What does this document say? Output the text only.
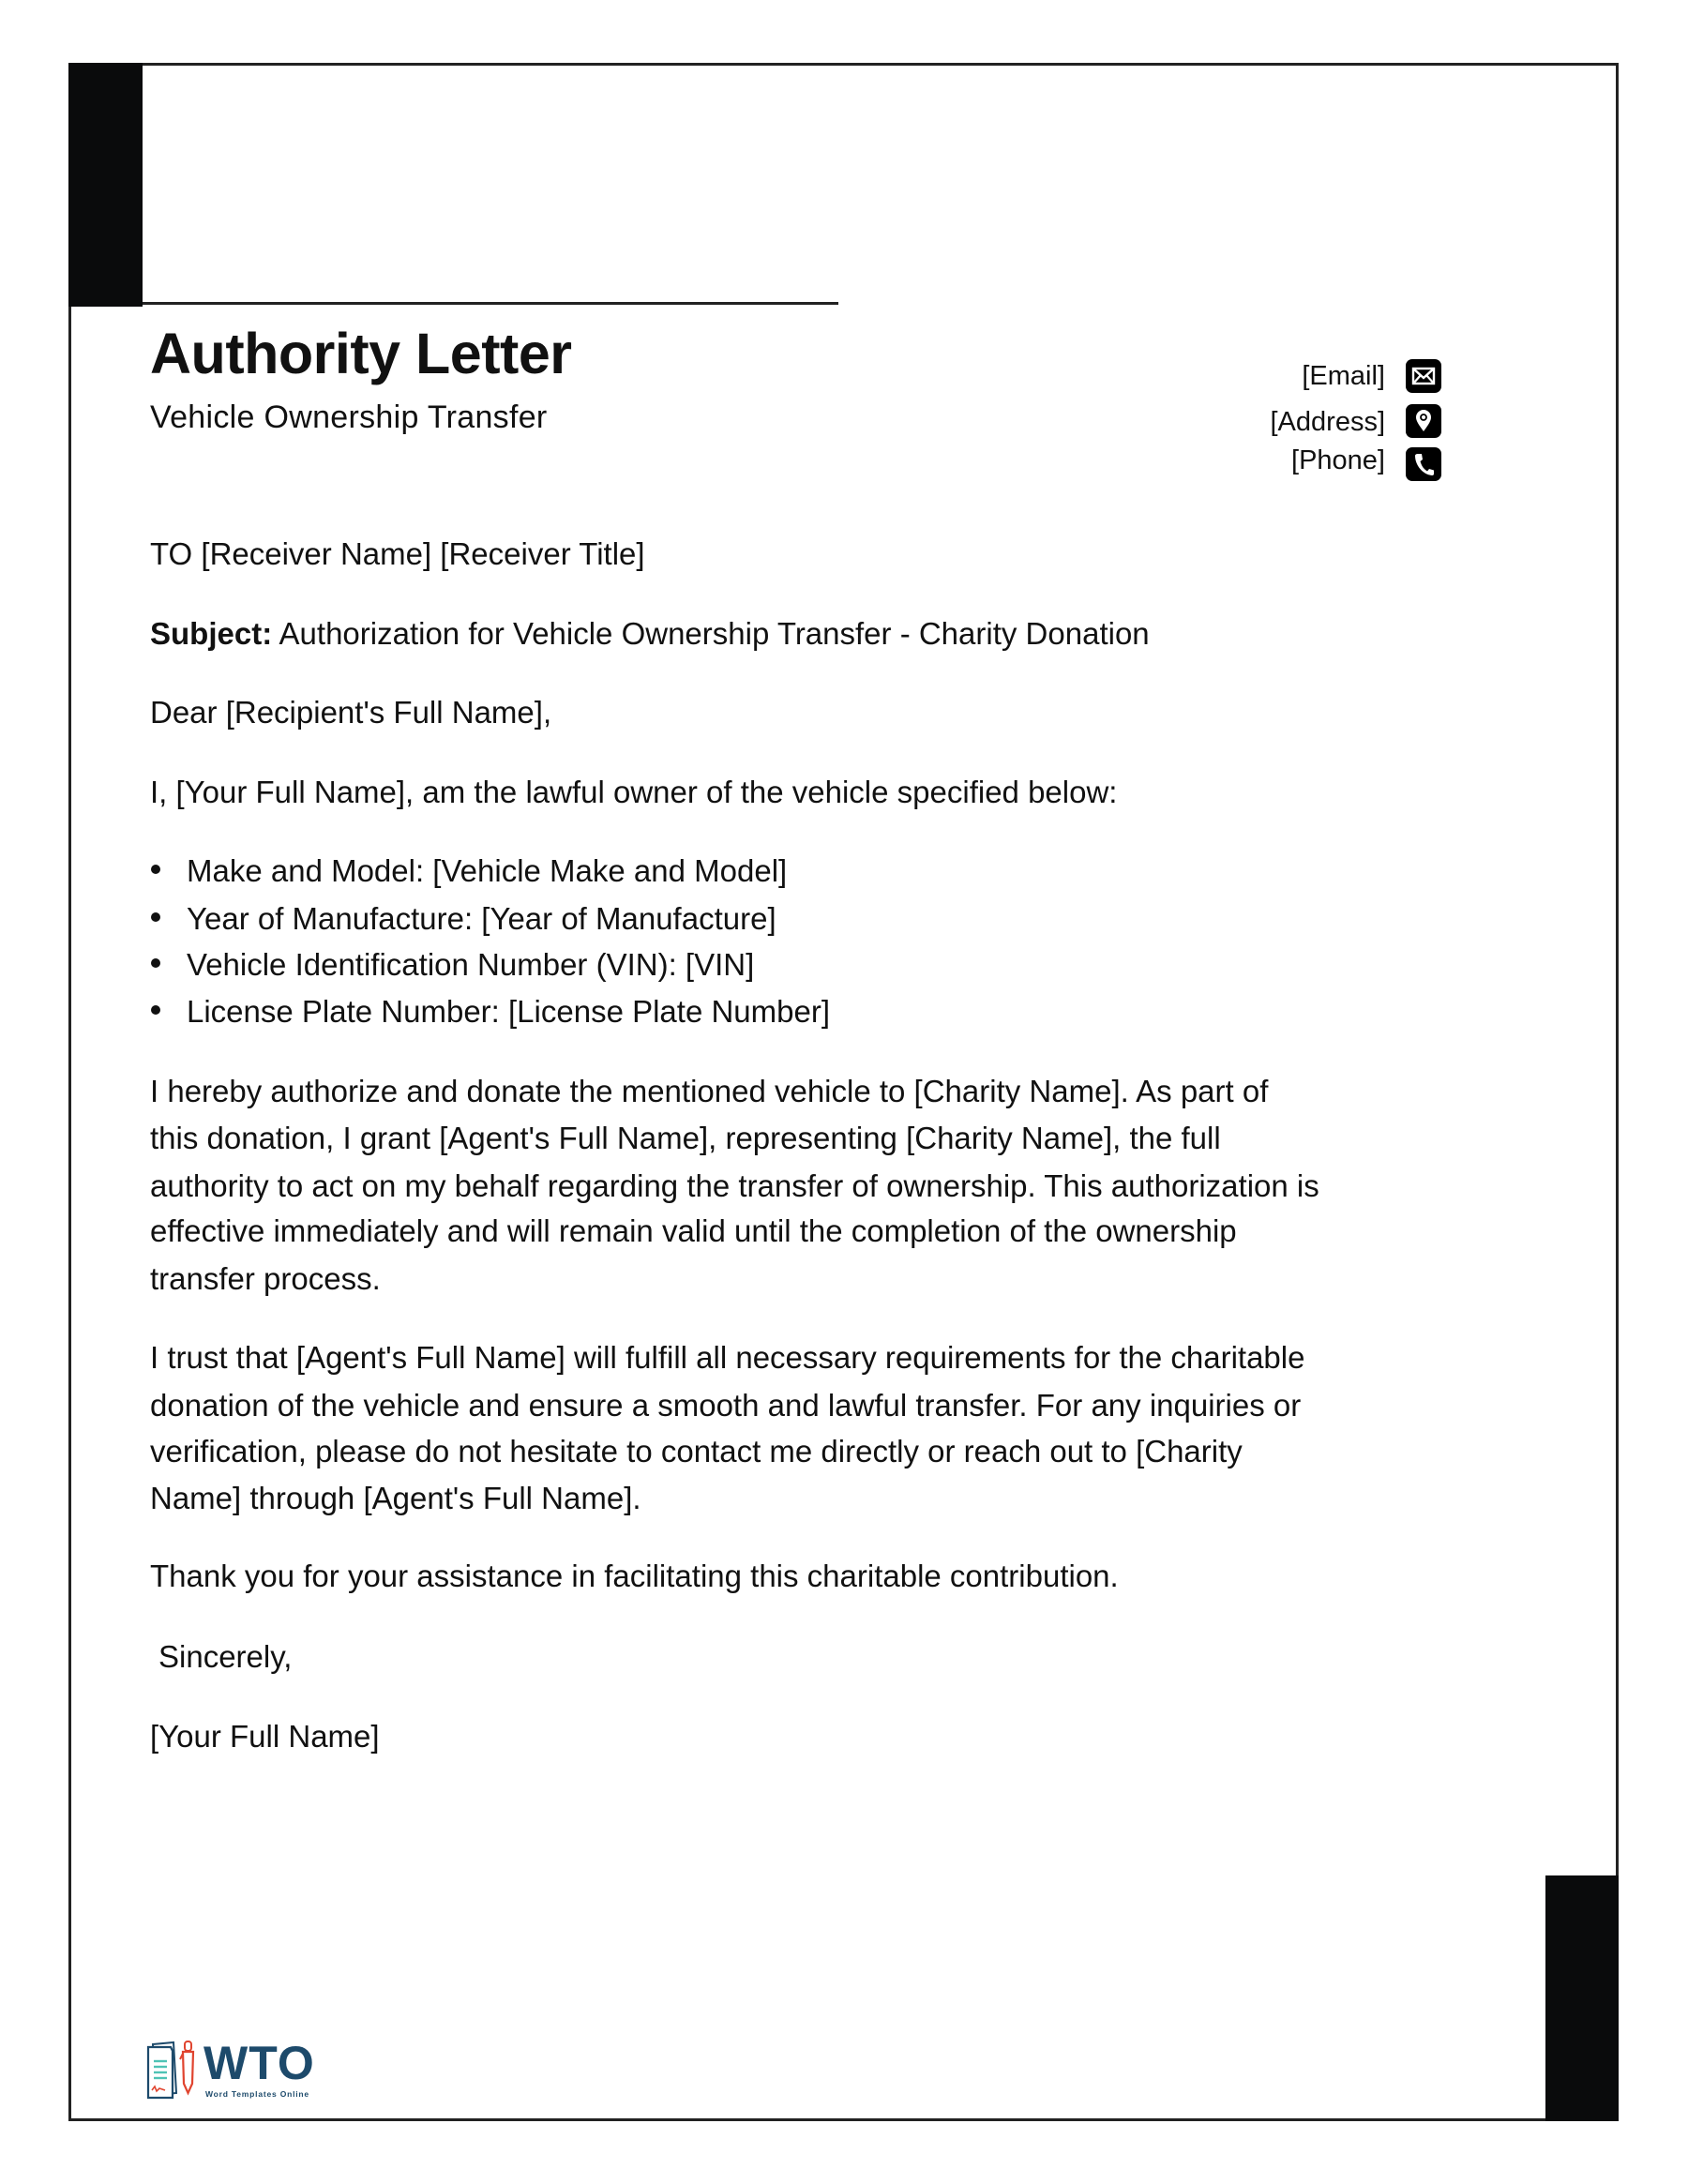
Authority Letter
Vehicle Ownership Transfer
[Email]
[Address]
[Phone]
TO [Receiver Name] [Receiver Title]
Subject: Authorization for Vehicle Ownership Transfer - Charity Donation
Dear [Recipient's Full Name],
I, [Your Full Name], am the lawful owner of the vehicle specified below:
Make and Model: [Vehicle Make and Model]
Year of Manufacture: [Year of Manufacture]
Vehicle Identification Number (VIN): [VIN]
License Plate Number: [License Plate Number]
I hereby authorize and donate the mentioned vehicle to [Charity Name]. As part of
this donation, I grant [Agent's Full Name], representing [Charity Name], the full
authority to act on my behalf regarding the transfer of ownership. This authorization is
effective immediately and will remain valid until the completion of the ownership
transfer process.
I trust that [Agent's Full Name] will fulfill all necessary requirements for the charitable
donation of the vehicle and ensure a smooth and lawful transfer. For any inquiries or
verification, please do not hesitate to contact me directly or reach out to [Charity
Name] through [Agent's Full Name].
Thank you for your assistance in facilitating this charitable contribution.
Sincerely,
[Your Full Name]
WTO
Word Templates Online
